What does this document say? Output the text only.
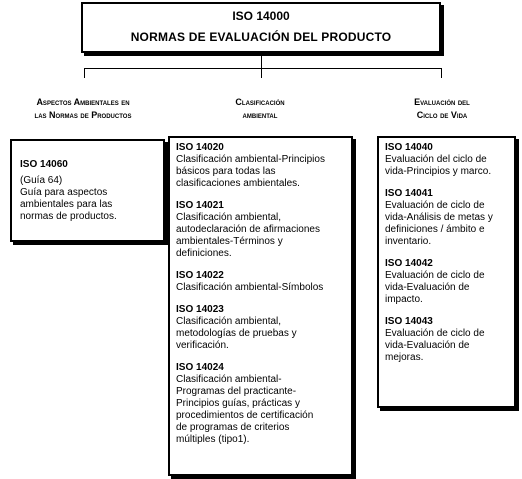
ISO 14000
NORMAS DE EVALUACIÓN DEL PRODUCTO
Aspectos Ambientales en
las Normas de Productos
Clasificación
ambiental
Evaluación del
Ciclo de Vida
ISO 14060
(Guía 64)
Guía para aspectos
ambientales para las
normas de productos.
ISO 14020
Clasificación ambiental-Principios
básicos para todas las
clasificaciones ambientales.
ISO 14021
Clasificación ambiental,
autodeclaración de afirmaciones
ambientales-Términos y
definiciones.
ISO 14022
Clasificación ambiental-Símbolos
ISO 14023
Clasificación ambiental,
metodologías de pruebas y
verificación.
ISO 14024
Clasificación ambiental-
Programas del practicante-
Principios guías, prácticas y
procedimientos de certificación
de programas de criterios
múltiples (tipo1).
ISO 14040
Evaluación del ciclo de
vida-Principios y marco.
ISO 14041
Evaluación de ciclo de
vida-Análisis de metas y
definiciones / ámbito e
inventario.
ISO 14042
Evaluación de ciclo de
vida-Evaluación de
impacto.
ISO 14043
Evaluación de ciclo de
vida-Evaluación de
mejoras.
